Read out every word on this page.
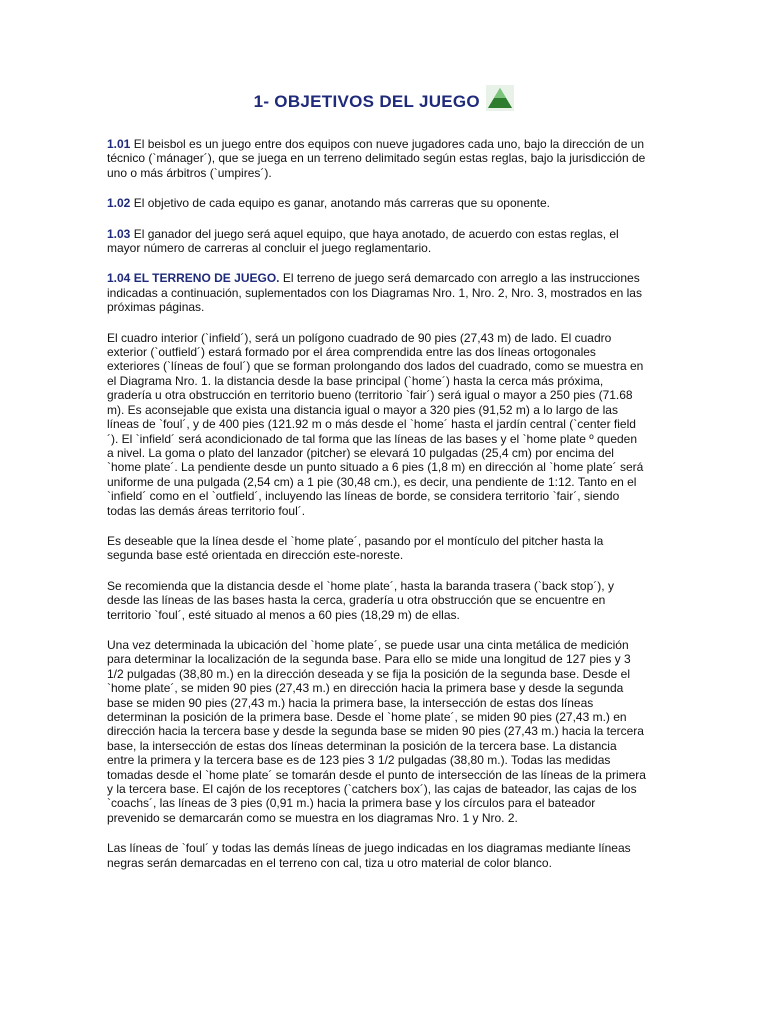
1- OBJETIVOS DEL JUEGO

1.01 El beisbol es un juego entre dos equipos con nueve jugadores cada uno, bajo la dirección de un técnico (`mánager´), que se juega en un terreno delimitado según estas reglas, bajo la jurisdicción de uno o más árbitros (`umpires´).

1.02 El objetivo de cada equipo es ganar, anotando más carreras que su oponente.

1.03 El ganador del juego será aquel equipo, que haya anotado, de acuerdo con estas reglas, el mayor número de carreras al concluir el juego reglamentario.

1.04 EL TERRENO DE JUEGO. El terreno de juego será demarcado con arreglo a las instrucciones indicadas a continuación, suplementados con los Diagramas Nro. 1, Nro. 2, Nro. 3, mostrados en las próximas páginas.

El cuadro interior (`infield´), será un polígono cuadrado de 90 pies (27,43 m) de lado. El cuadro exterior (`outfield´) estará formado por el área comprendida entre las dos líneas ortogonales exteriores (`líneas de foul´) que se forman prolongando dos lados del cuadrado, como se muestra en el Diagrama Nro. 1. la distancia desde la base principal (`home´) hasta la cerca más próxima, gradería u otra obstrucción en territorio bueno (territorio `fair´) será igual o mayor a 250 pies (71.68 m). Es aconsejable que exista una distancia igual o mayor a 320 pies (91,52 m) a lo largo de las líneas de `foul´, y de 400 pies (121.92 m o más desde el `home´ hasta el jardín central (`center field´). El `infield´ será acondicionado de tal forma que las líneas de las bases y el `home plate º queden a nivel. La goma o plato del lanzador (pitcher) se elevará 10 pulgadas (25,4 cm) por encima del `home plate´. La pendiente desde un punto situado a 6 pies (1,8 m) en dirección al `home plate´ será uniforme de una pulgada (2,54 cm) a 1 pie (30,48 cm.), es decir, una pendiente de 1:12. Tanto en el `infield´ como en el `outfield´, incluyendo las líneas de borde, se considera territorio `fair´, siendo todas las demás áreas territorio foul´.

Es deseable que la línea desde el `home plate´, pasando por el montículo del pitcher hasta la segunda base esté orientada en dirección este-noreste.

Se recomienda que la distancia desde el `home plate´, hasta la baranda trasera (`back stop´), y desde las líneas de las bases hasta la cerca, gradería u otra obstrucción que se encuentre en territorio `foul´, esté situado al menos a 60 pies (18,29 m) de ellas.

Una vez determinada la ubicación del `home plate´, se puede usar una cinta metálica de medición para determinar la localización de la segunda base. Para ello se mide una longitud de 127 pies y 3 1/2 pulgadas (38,80 m.) en la dirección deseada y se fija la posición de la segunda base. Desde el `home plate´, se miden 90 pies (27,43 m.) en dirección hacia la primera base y desde la segunda base se miden 90 pies (27,43 m.) hacia la primera base, la intersección de estas dos líneas determinan la posición de la primera base. Desde el `home plate´, se miden 90 pies (27,43 m.) en dirección hacia la tercera base y desde la segunda base se miden 90 pies (27,43 m.) hacia la tercera base, la intersección de estas dos líneas determinan la posición de la tercera base. La distancia entre la primera y la tercera base es de 123 pies 3 1/2 pulgadas (38,80 m.). Todas las medidas tomadas desde el `home plate´ se tomarán desde el punto de intersección de las líneas de la primera y la tercera base. El cajón de los receptores (`catchers box´), las cajas de bateador, las cajas de los `coachs´, las líneas de 3 pies (0,91 m.) hacia la primera base y los círculos para el bateador prevenido se demarcarán como se muestra en los diagramas Nro. 1 y Nro. 2.

Las líneas de `foul´ y todas las demás líneas de juego indicadas en los diagramas mediante líneas negras serán demarcadas en el terreno con cal, tiza u otro material de color blanco.
